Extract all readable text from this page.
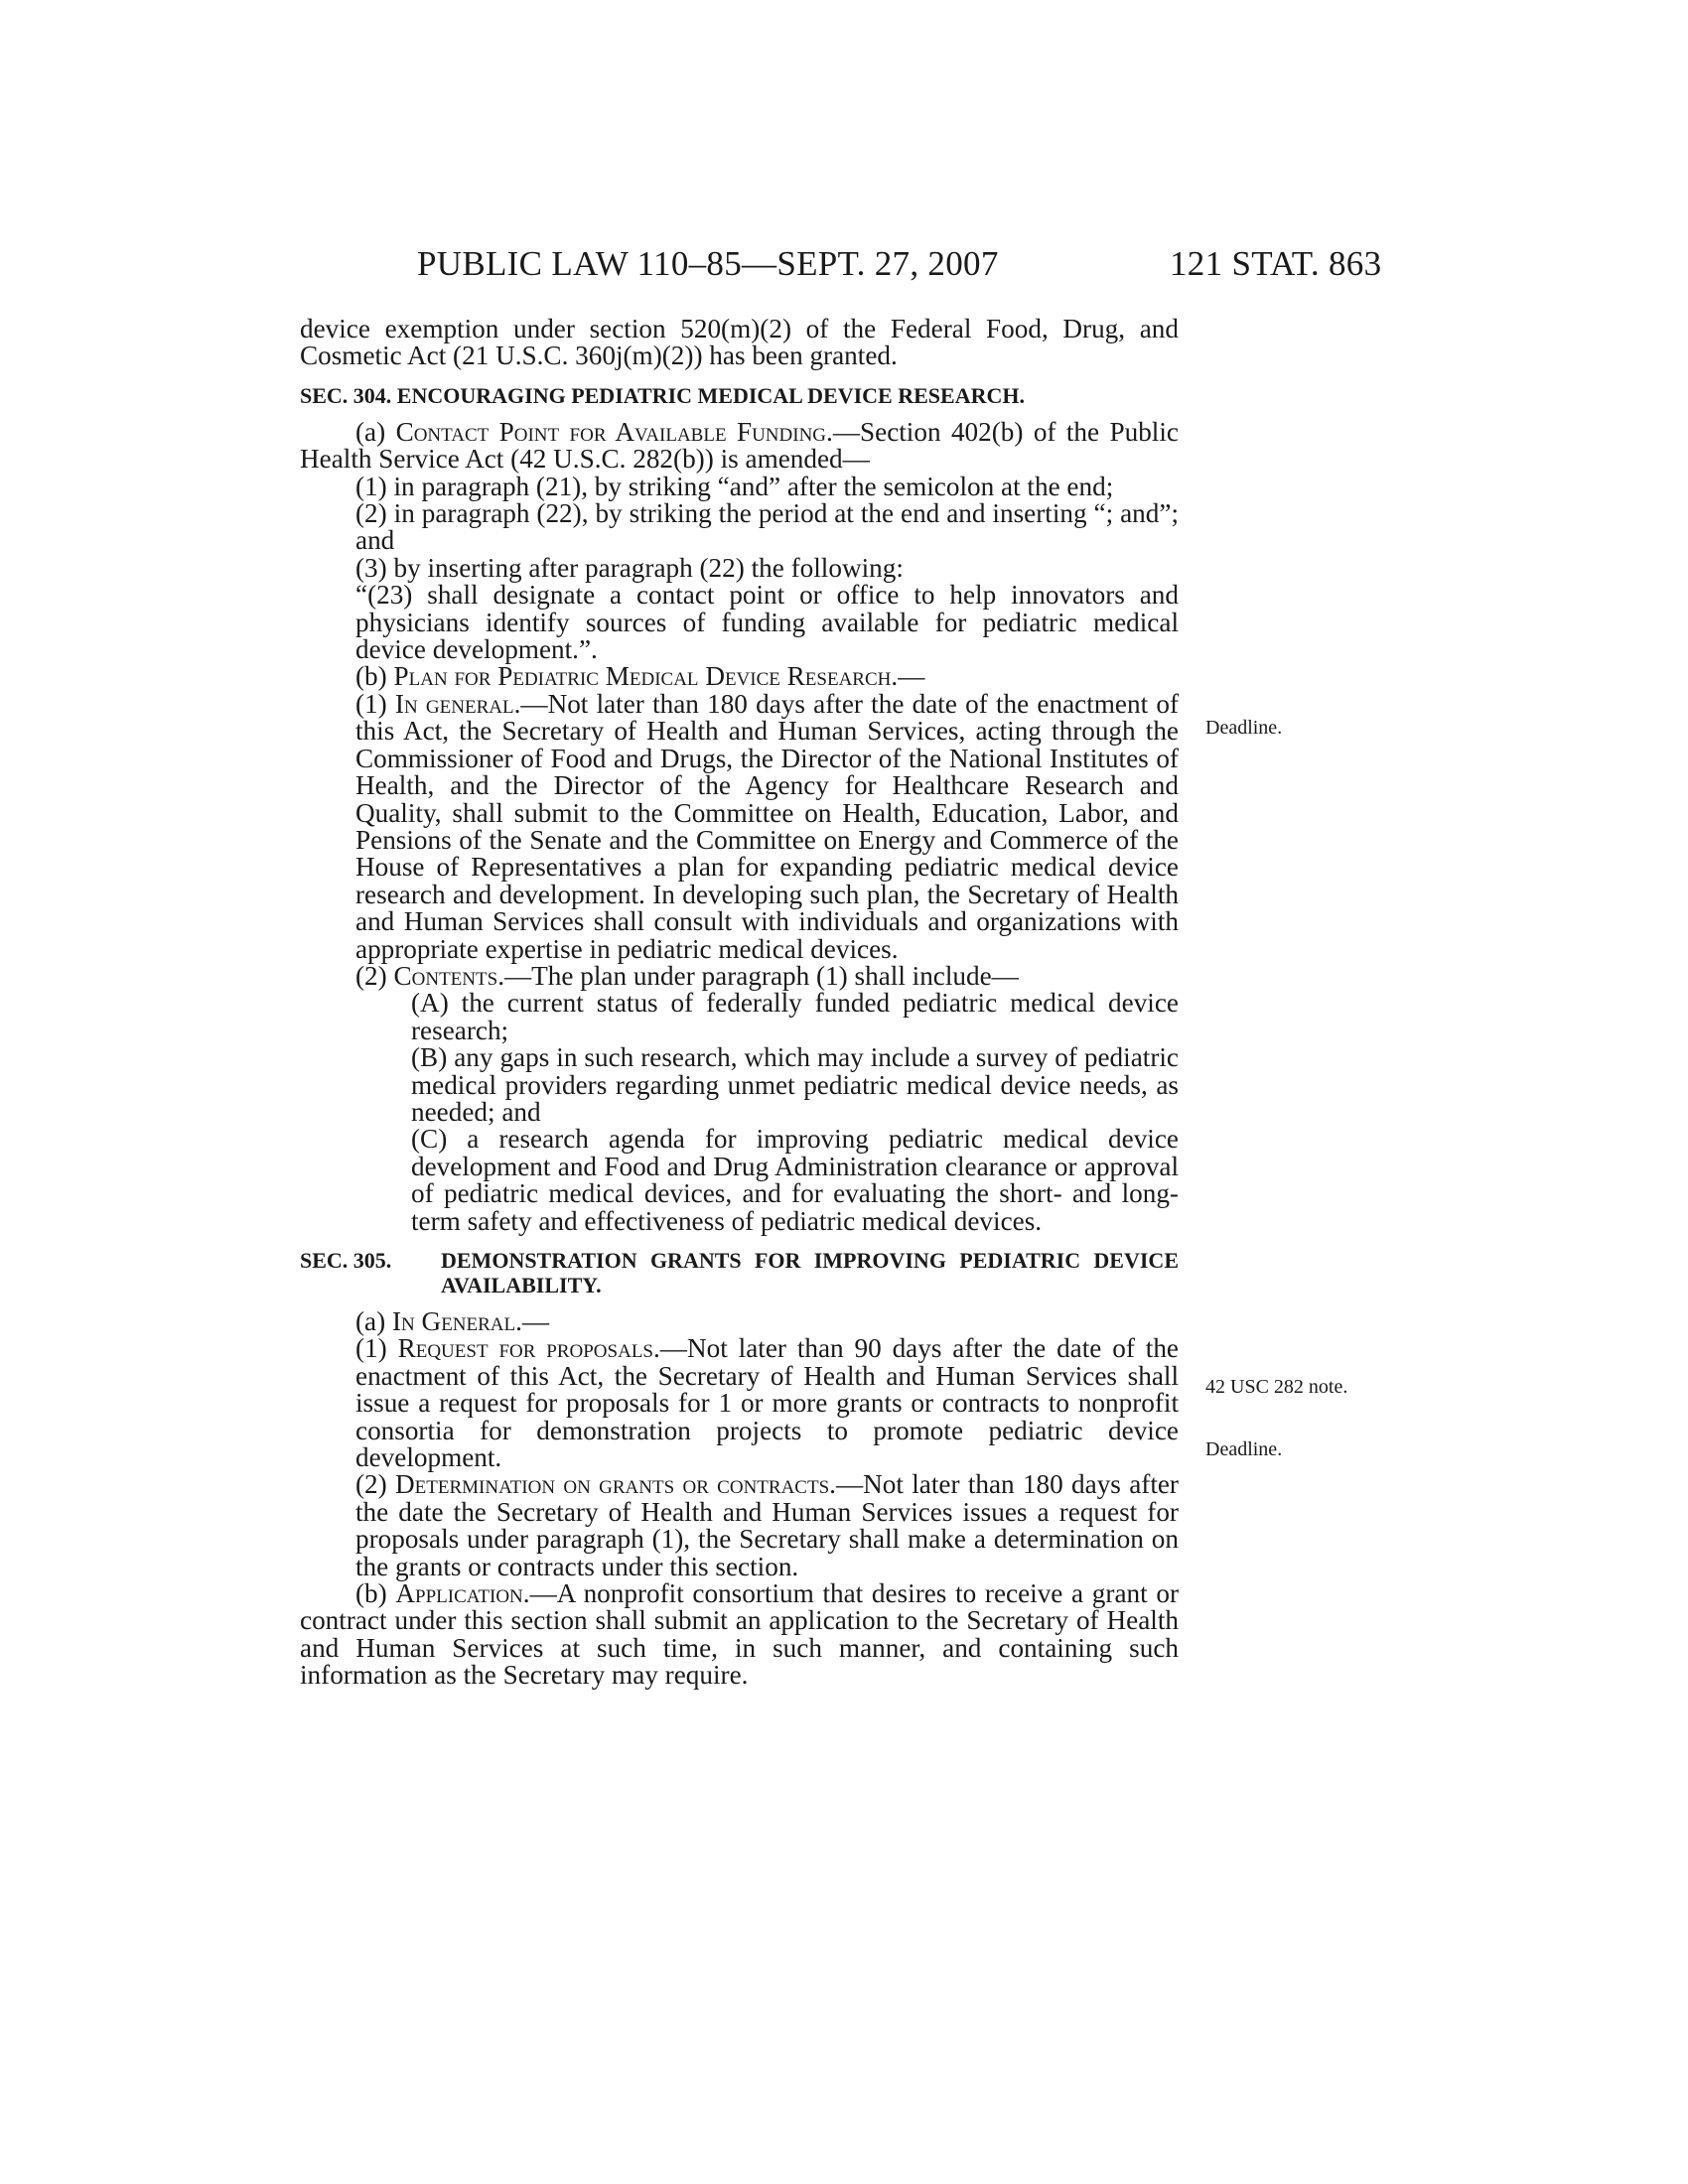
PUBLIC LAW 110–85—SEPT. 27, 2007	121 STAT. 863

device exemption under section 520(m)(2) of the Federal Food, Drug, and Cosmetic Act (21 U.S.C. 360j(m)(2)) has been granted.

SEC. 304. ENCOURAGING PEDIATRIC MEDICAL DEVICE RESEARCH.

(a) Contact Point for Available Funding.—Section 402(b) of the Public Health Service Act (42 U.S.C. 282(b)) is amended—

(1) in paragraph (21), by striking “and” after the semicolon at the end;

(2) in paragraph (22), by striking the period at the end and inserting “; and”; and

(3) by inserting after paragraph (22) the following:

“(23) shall designate a contact point or office to help innovators and physicians identify sources of funding available for pediatric medical device development.”.

(b) Plan for Pediatric Medical Device Research.—

(1) In general.—Not later than 180 days after the date of the enactment of this Act, the Secretary of Health and Human Services, acting through the Commissioner of Food and Drugs, the Director of the National Institutes of Health, and the Director of the Agency for Healthcare Research and Quality, shall submit to the Committee on Health, Education, Labor, and Pensions of the Senate and the Committee on Energy and Commerce of the House of Representatives a plan for expanding pediatric medical device research and development. In developing such plan, the Secretary of Health and Human Services shall consult with individuals and organizations with appropriate expertise in pediatric medical devices.

(2) Contents.—The plan under paragraph (1) shall include—

(A) the current status of federally funded pediatric medical device research;

(B) any gaps in such research, which may include a survey of pediatric medical providers regarding unmet pediatric medical device needs, as needed; and

(C) a research agenda for improving pediatric medical device development and Food and Drug Administration clearance or approval of pediatric medical devices, and for evaluating the short- and long-term safety and effectiveness of pediatric medical devices.

SEC. 305.	DEMONSTRATION GRANTS FOR IMPROVING PEDIATRIC DEVICE AVAILABILITY.

(a) In General.—

(1) Request for proposals.—Not later than 90 days after the date of the enactment of this Act, the Secretary of Health and Human Services shall issue a request for proposals for 1 or more grants or contracts to nonprofit consortia for demonstration projects to promote pediatric device development.

(2) Determination on grants or contracts.—Not later than 180 days after the date the Secretary of Health and Human Services issues a request for proposals under paragraph (1), the Secretary shall make a determination on the grants or contracts under this section.

(b) Application.—A nonprofit consortium that desires to receive a grant or contract under this section shall submit an application to the Secretary of Health and Human Services at such time, in such manner, and containing such information as the Secretary may require.

Deadline.
42 USC 282 note.
Deadline.
